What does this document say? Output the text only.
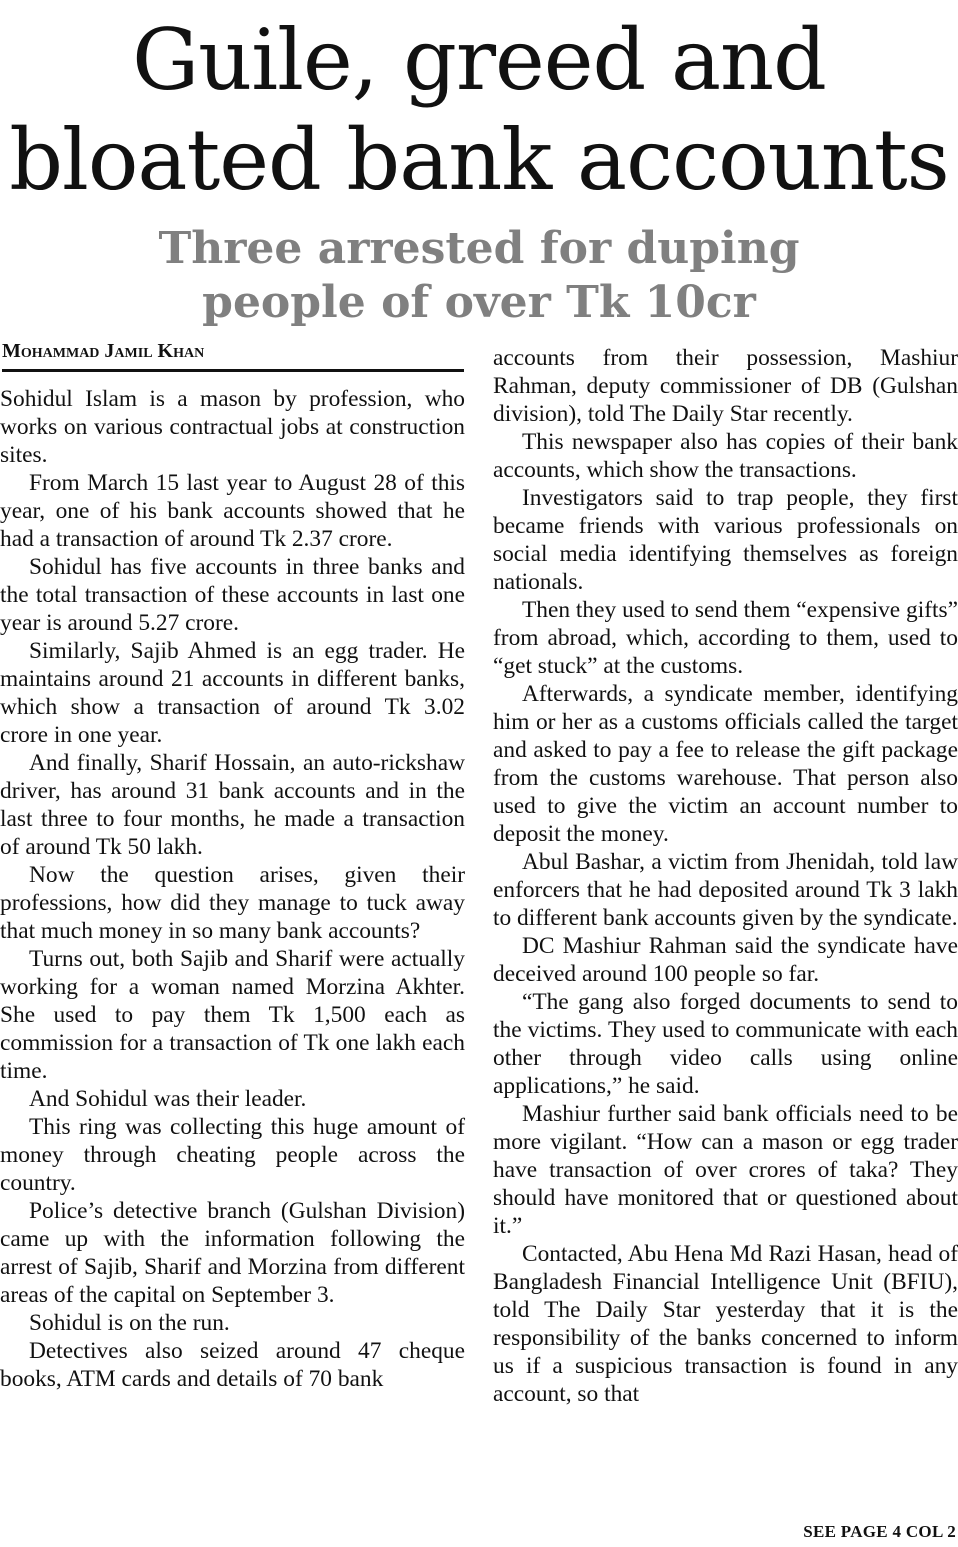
Guile, greed and
bloated bank accounts
Three arrested for duping
people of over Tk 10cr
Mohammad Jamil Khan

Sohidul Islam is a mason by profession, who works on various contractual jobs at construction sites.

From March 15 last year to August 28 of this year, one of his bank accounts showed that he had a transaction of around Tk 2.37 crore.

Sohidul has five accounts in three banks and the total transaction of these accounts in last one year is around 5.27 crore.

Similarly, Sajib Ahmed is an egg trader. He maintains around 21 accounts in different banks, which show a transaction of around Tk 3.02 crore in one year.

And finally, Sharif Hossain, an auto-rickshaw driver, has around 31 bank accounts and in the last three to four months, he made a transaction of around Tk 50 lakh.

Now the question arises, given their professions, how did they manage to tuck away that much money in so many bank accounts?

Turns out, both Sajib and Sharif were actually working for a woman named Morzina Akhter. She used to pay them Tk 1,500 each as commission for a transaction of Tk one lakh each time.

And Sohidul was their leader.

This ring was collecting this huge amount of money through cheating people across the country.

Police’s detective branch (Gulshan Division) came up with the information following the arrest of Sajib, Sharif and Morzina from different areas of the capital on September 3.

Sohidul is on the run.

Detectives also seized around 47 cheque books, ATM cards and details of 70 bank

accounts from their possession, Mashiur Rahman, deputy commissioner of DB (Gulshan division), told The Daily Star recently.

This newspaper also has copies of their bank accounts, which show the transactions.

Investigators said to trap people, they first became friends with various professionals on social media identifying themselves as foreign nationals.

Then they used to send them “expensive gifts” from abroad, which, according to them, used to “get stuck” at the customs.

Afterwards, a syndicate member, identifying him or her as a customs officials called the target and asked to pay a fee to release the gift package from the customs warehouse. That person also used to give the victim an account number to deposit the money.

Abul Bashar, a victim from Jhenidah, told law enforcers that he had deposited around Tk 3 lakh to different bank accounts given by the syndicate.

DC Mashiur Rahman said the syndicate have deceived around 100 people so far.

“The gang also forged documents to send to the victims. They used to communicate with each other through video calls using online applications,” he said.

Mashiur further said bank officials need to be more vigilant. “How can a mason or egg trader have transaction of over crores of taka? They should have monitored that or questioned about it.”

Contacted, Abu Hena Md Razi Hasan, head of Bangladesh Financial Intelligence Unit (BFIU), told The Daily Star yesterday that it is the responsibility of the banks concerned to inform us if a suspicious transaction is found in any account, so that

SEE PAGE 4 COL 2
